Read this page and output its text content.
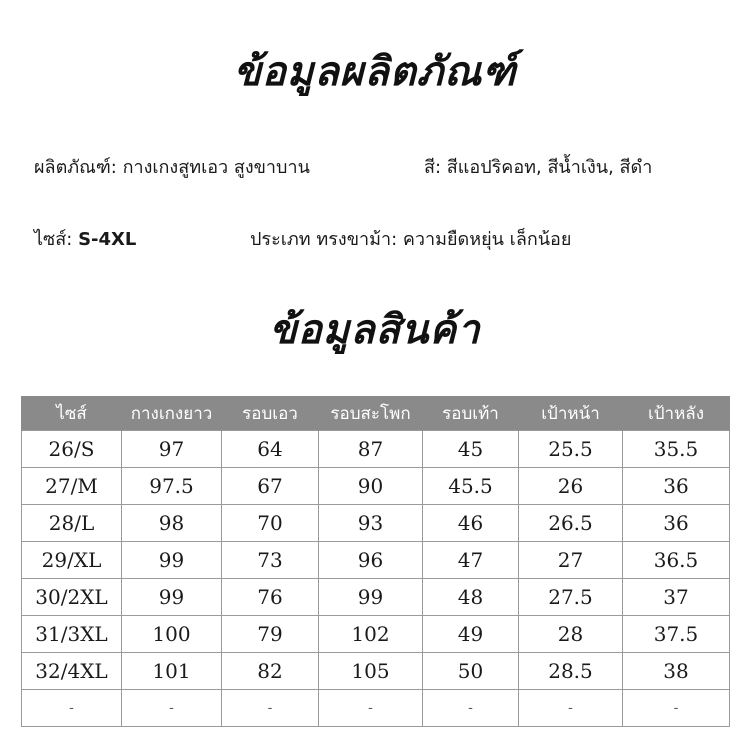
ข้อมูลผลิตภัณฑ์
ผลิตภัณฑ์: กางเกงสูทเอว สูงขาบาน	สี: สีแอปริคอท, สีน้ำเงิน, สีดำ
ไซส์: S-4XL	ประเภท ทรงขาม้า: ความยืดหยุ่น เล็กน้อย
ข้อมูลสินค้า
ไซส์	กางเกงยาว	รอบเอว	รอบสะโพก	รอบเท้า	เป้าหน้า	เป้าหลัง
26/S	97	64	87	45	25.5	35.5
27/M	97.5	67	90	45.5	26	36
28/L	98	70	93	46	26.5	36
29/XL	99	73	96	47	27	36.5
30/2XL	99	76	99	48	27.5	37
31/3XL	100	79	102	49	28	37.5
32/4XL	101	82	105	50	28.5	38
-	-	-	-	-	-	-
